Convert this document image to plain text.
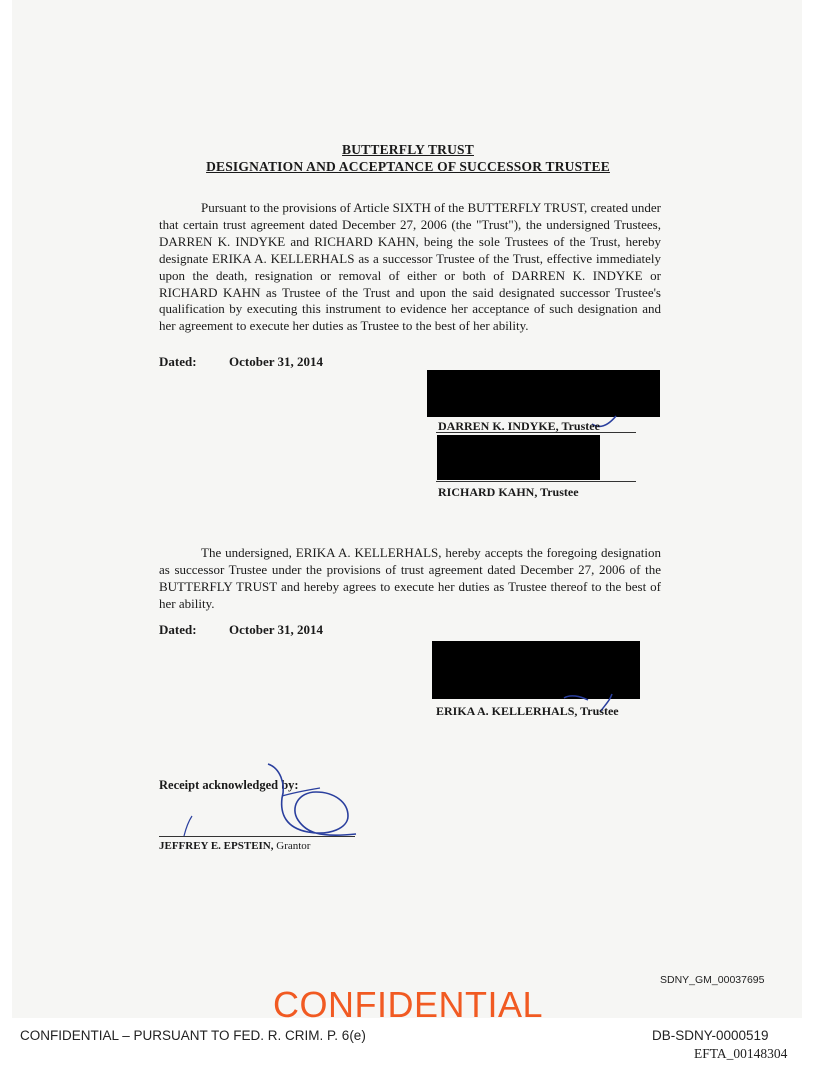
BUTTERFLY TRUST
DESIGNATION AND ACCEPTANCE OF SUCCESSOR TRUSTEE

Pursuant to the provisions of Article SIXTH of the BUTTERFLY TRUST, created under that certain trust agreement dated December 27, 2006 (the "Trust"), the undersigned Trustees, DARREN K. INDYKE and RICHARD KAHN, being the sole Trustees of the Trust, hereby designate ERIKA A. KELLERHALS as a successor Trustee of the Trust, effective immediately upon the death, resignation or removal of either or both of DARREN K. INDYKE or RICHARD KAHN as Trustee of the Trust and upon the said designated successor Trustee's qualification by executing this instrument to evidence her acceptance of such designation and her agreement to execute her duties as Trustee to the best of her ability.

Dated: October 31, 2014
DARREN K. INDYKE, Trustee
RICHARD KAHN, Trustee

The undersigned, ERIKA A. KELLERHALS, hereby accepts the foregoing designation as successor Trustee under the provisions of trust agreement dated December 27, 2006 of the BUTTERFLY TRUST and hereby agrees to execute her duties as Trustee thereof to the best of her ability.

Dated: October 31, 2014
ERIKA A. KELLERHALS, Trustee
Receipt acknowledged by:
JEFFREY E. EPSTEIN, Grantor
SDNY_GM_00037695
CONFIDENTIAL
CONFIDENTIAL – PURSUANT TO FED. R. CRIM. P. 6(e)	DB-SDNY-0000519
EFTA_00148304
